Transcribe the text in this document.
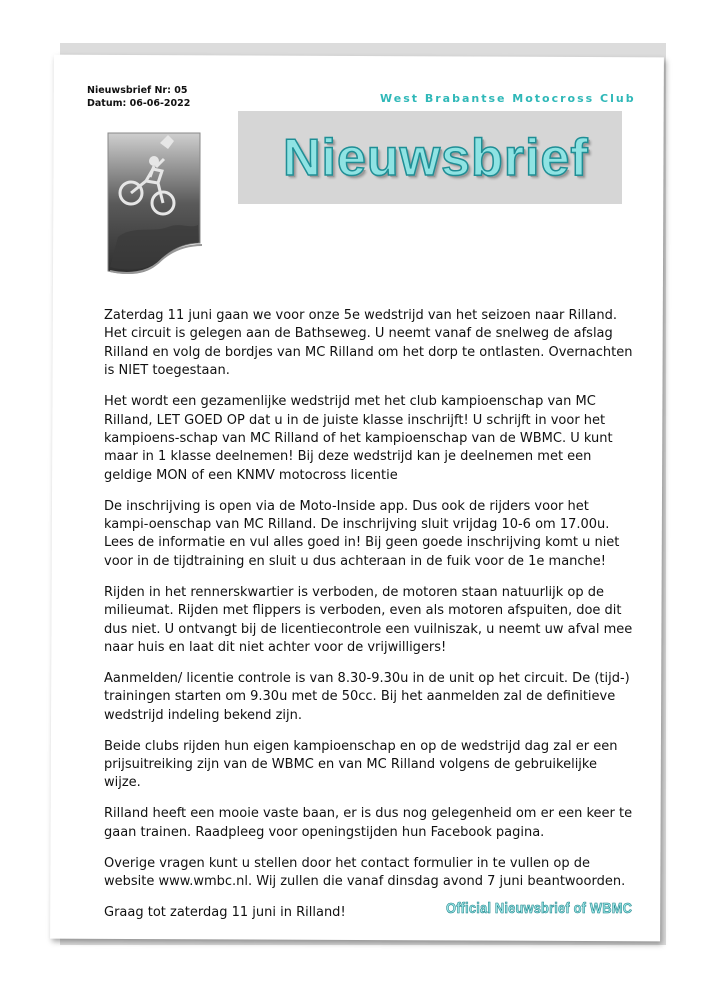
Nieuwsbrief Nr: 05
Datum: 06-06-2022	West Brabantse Motocross Club
Nieuwsbrief

Zaterdag 11 juni gaan we voor onze 5e wedstrijd van het seizoen naar Rilland. Het circuit is gelegen aan de Bathseweg. U neemt vanaf de snelweg de afslag Rilland en volg de bordjes van MC Rilland om het dorp te ontlasten. Overnachten is NIET toegestaan.

Het wordt een gezamenlijke wedstrijd met het club kampioenschap van MC Rilland, LET GOED OP dat u in de juiste klasse inschrijft! U schrijft in voor het kampioens-schap van MC Rilland of het kampioenschap van de WBMC. U kunt maar in 1 klasse deelnemen! Bij deze wedstrijd kan je deelnemen met een geldige MON of een KNMV motocross licentie

De inschrijving is open via de Moto-Inside app. Dus ook de rijders voor het kampi-oenschap van MC Rilland. De inschrijving sluit vrijdag 10-6 om 17.00u. Lees de informatie en vul alles goed in! Bij geen goede inschrijving komt u niet voor in de tijdtraining en sluit u dus achteraan in de fuik voor de 1e manche!

Rijden in het rennerskwartier is verboden, de motoren staan natuurlijk op de milieumat. Rijden met flippers is verboden, even als motoren afspuiten, doe dit dus niet. U ontvangt bij de licentiecontrole een vuilniszak, u neemt uw afval mee naar huis en laat dit niet achter voor de vrijwilligers!

Aanmelden/ licentie controle is van 8.30-9.30u in de unit op het circuit. De (tijd-) trainingen starten om 9.30u met de 50cc. Bij het aanmelden zal de definitieve wedstrijd indeling bekend zijn.

Beide clubs rijden hun eigen kampioenschap en op de wedstrijd dag zal er een prijsuitreiking zijn van de WBMC en van MC Rilland volgens de gebruikelijke wijze.

Rilland heeft een mooie vaste baan, er is dus nog gelegenheid om er een keer te gaan trainen. Raadpleeg voor openingstijden hun Facebook pagina.

Overige vragen kunt u stellen door het contact formulier in te vullen op de website www.wmbc.nl. Wij zullen die vanaf dinsdag avond 7 juni beantwoorden.

Graag tot zaterdag 11 juni in Rilland!	Official Nieuwsbrief of WBMC
